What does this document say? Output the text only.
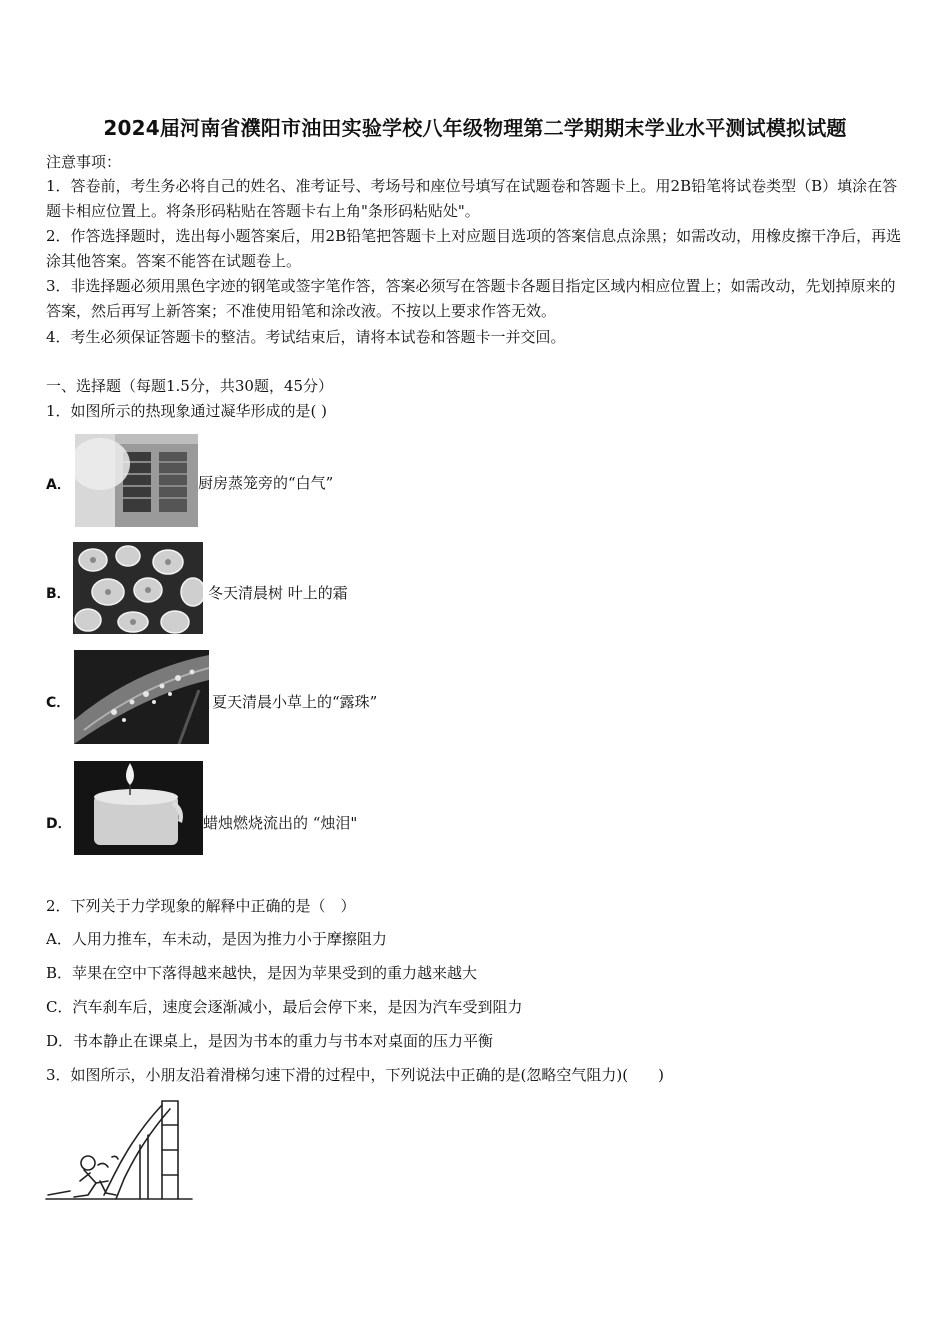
2024届河南省濮阳市油田实验学校八年级物理第二学期期末学业水平测试模拟试题
注意事项：
1．答卷前，考生务必将自己的姓名、准考证号、考场号和座位号填写在试题卷和答题卡上。用2B铅笔将试卷类型（B）填涂在答题卡相应位置上。将条形码粘贴在答题卡右上角"条形码粘贴处"。
2．作答选择题时，选出每小题答案后，用2B铅笔把答题卡上对应题目选项的答案信息点涂黑；如需改动，用橡皮擦干净后，再选涂其他答案。答案不能答在试题卷上。
3．非选择题必须用黑色字迹的钢笔或签字笔作答，答案必须写在答题卡各题目指定区域内相应位置上；如需改动，先划掉原来的答案，然后再写上新答案；不准使用铅笔和涂改液。不按以上要求作答无效。
4．考生必须保证答题卡的整洁。考试结束后，请将本试卷和答题卡一并交回。
一、选择题（每题1.5分，共30题，45分）
1．如图所示的热现象通过凝华形成的是( )
A．	厨房蒸笼旁的“白气”
B．	冬天清晨树 叶上的霜
C．	夏天清晨小草上的“露珠”
D．	蜡烛燃烧流出的 “烛泪"
2．下列关于力学现象的解释中正确的是（　）
A．人用力推车，车未动，是因为推力小于摩擦阻力
B．苹果在空中下落得越来越快，是因为苹果受到的重力越来越大
C．汽车刹车后，速度会逐渐减小，最后会停下来，是因为汽车受到阻力
D．书本静止在课桌上，是因为书本的重力与书本对桌面的压力平衡
3．如图所示，小朋友沿着滑梯匀速下滑的过程中，下列说法中正确的是(忽略空气阻力)(　　)
